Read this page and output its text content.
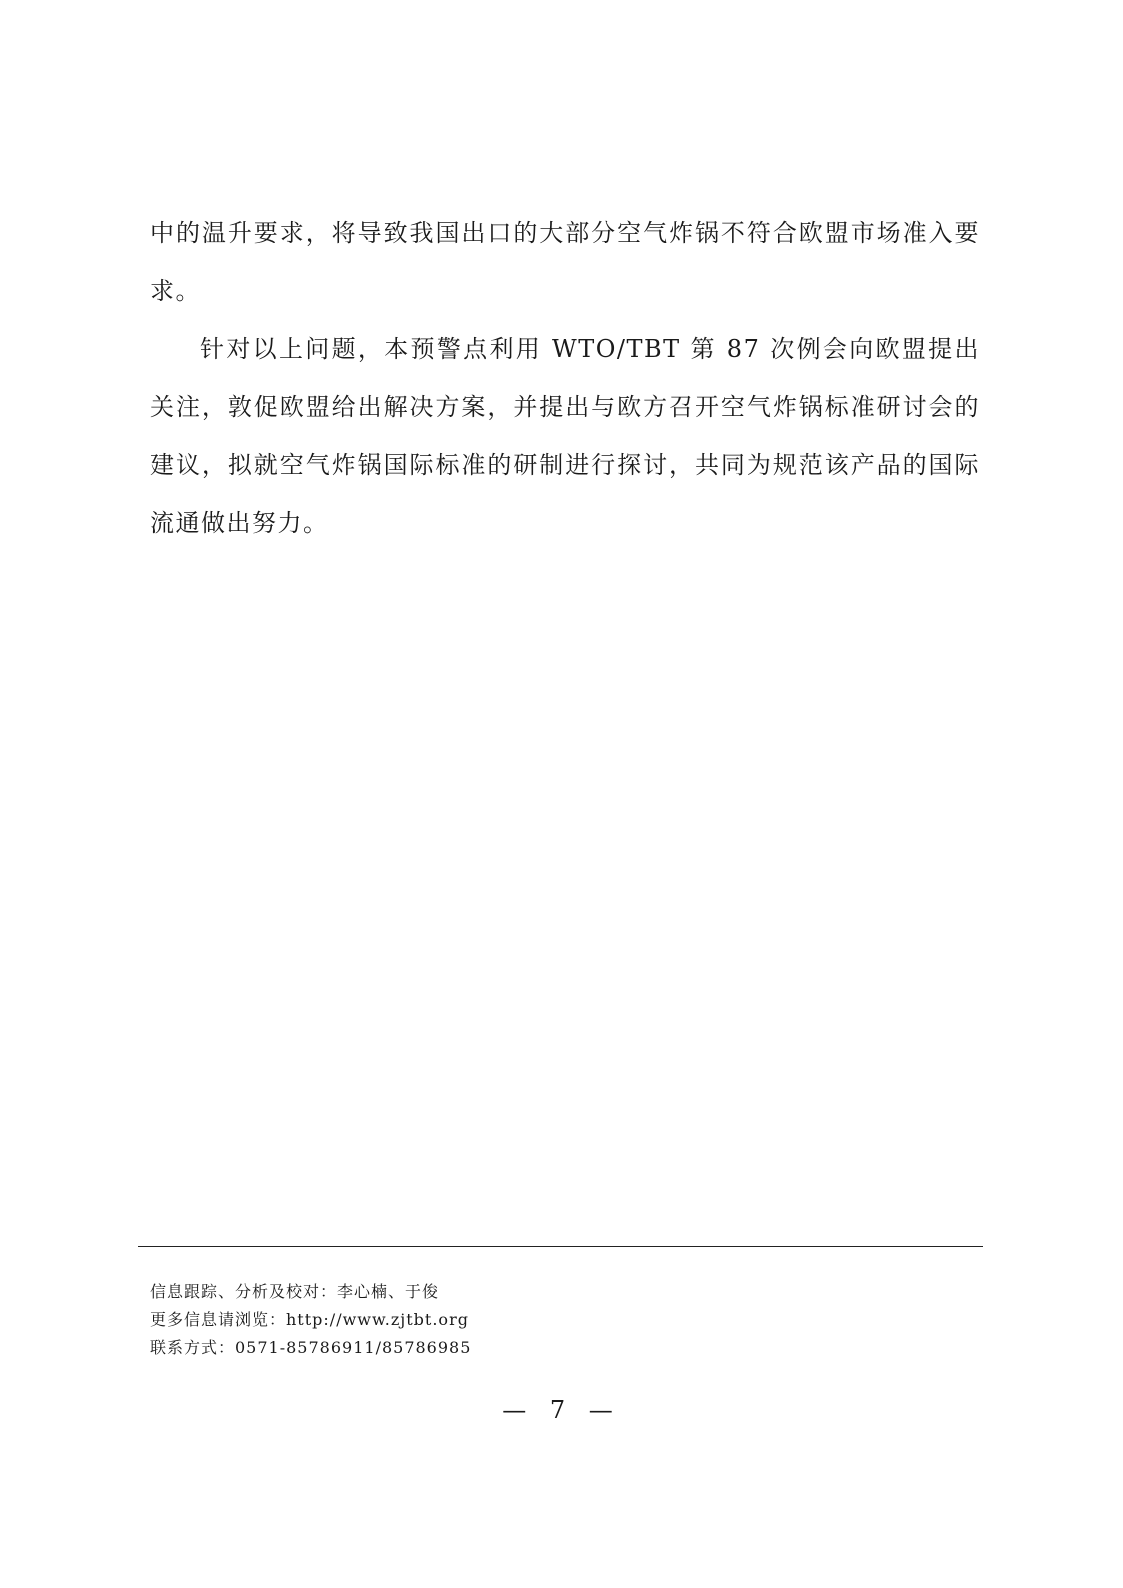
中的温升要求，将导致我国出口的大部分空气炸锅不符合欧盟市场准入要求。

针对以上问题，本预警点利用 WTO/TBT 第 87 次例会向欧盟提出关注，敦促欧盟给出解决方案，并提出与欧方召开空气炸锅标准研讨会的建议，拟就空气炸锅国际标准的研制进行探讨，共同为规范该产品的国际流通做出努力。

信息跟踪、分析及校对：李心楠、于俊
更多信息请浏览：http://www.zjtbt.org
联系方式：0571-85786911/85786985
— 7 —
